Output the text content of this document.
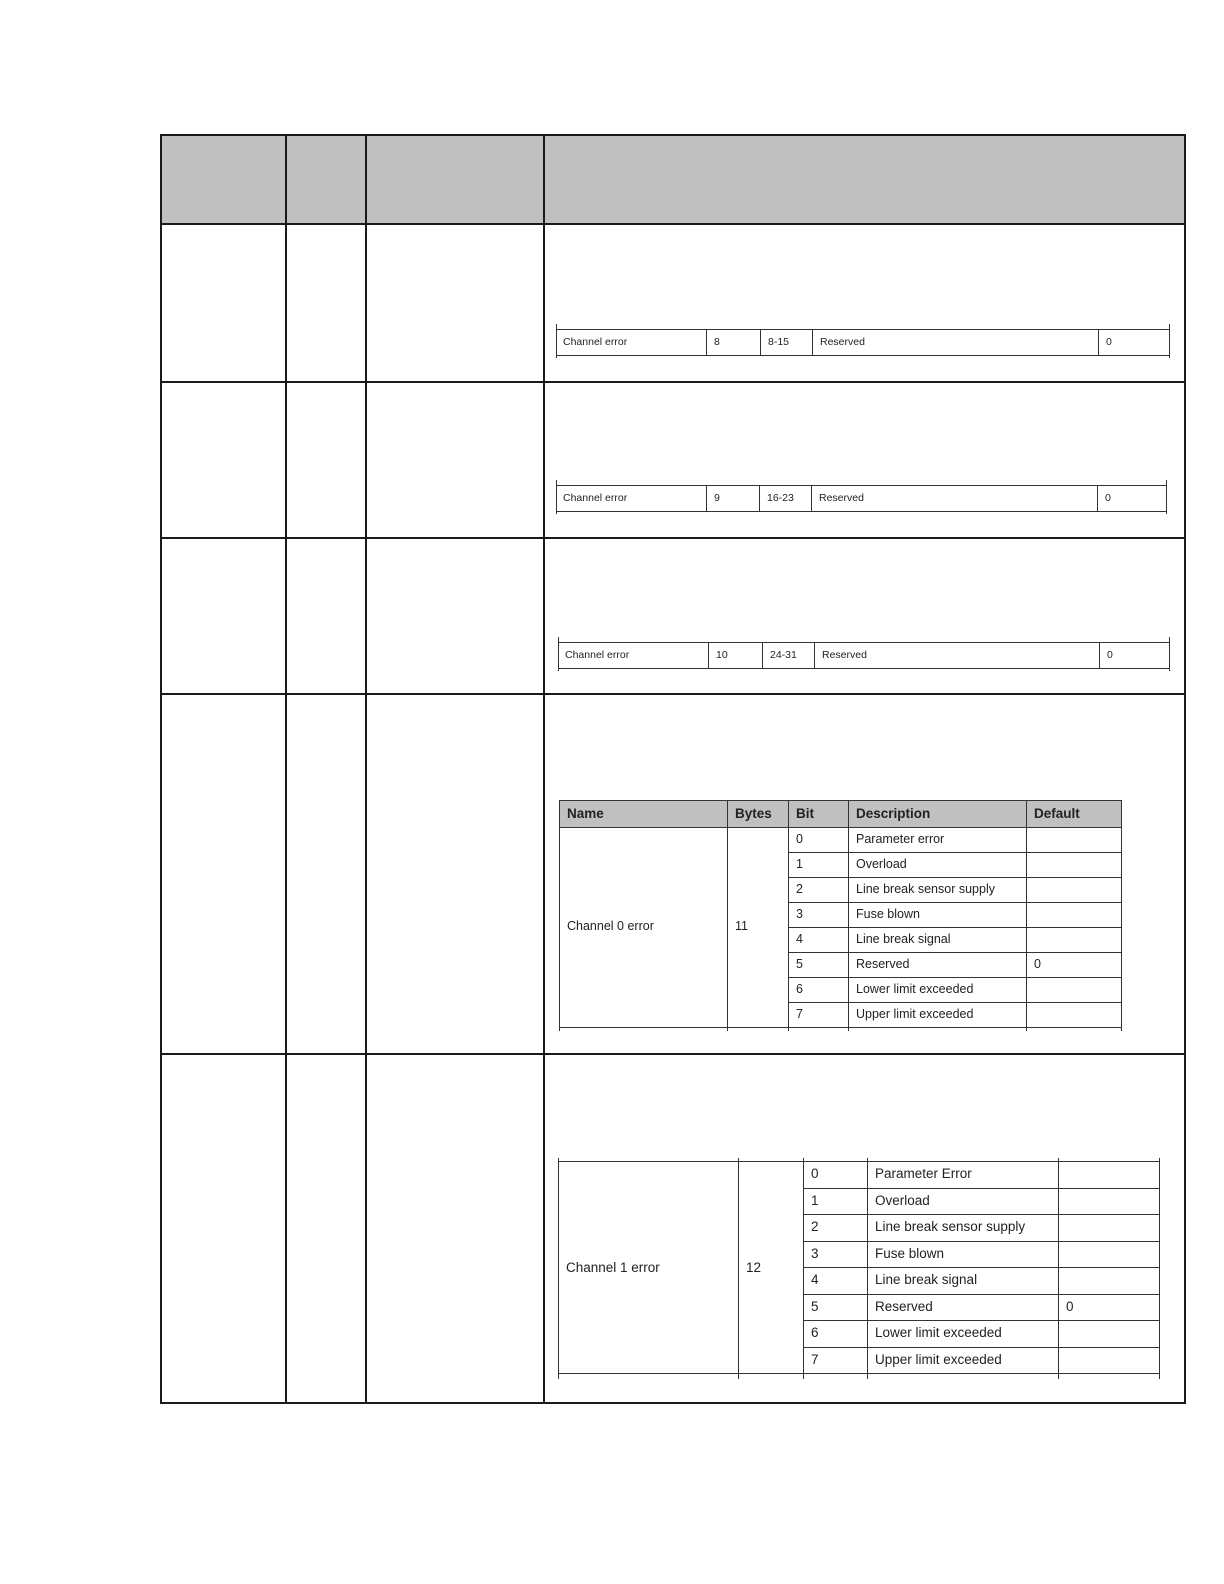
Channel error	8	8-15	Reserved	0
Channel error	9	16-23	Reserved	0
Channel error	10	24-31	Reserved	0
Name	Bytes	Bit	Description	Default
Channel 0 error	11
0	Parameter error
1	Overload
2	Line break sensor supply
3	Fuse blown
4	Line break signal
5	Reserved	0
6	Lower limit exceeded
7	Upper limit exceeded
Channel 1 error	12
0	Parameter Error
1	Overload
2	Line break sensor supply
3	Fuse blown
4	Line break signal
5	Reserved	0
6	Lower limit exceeded
7	Upper limit exceeded
